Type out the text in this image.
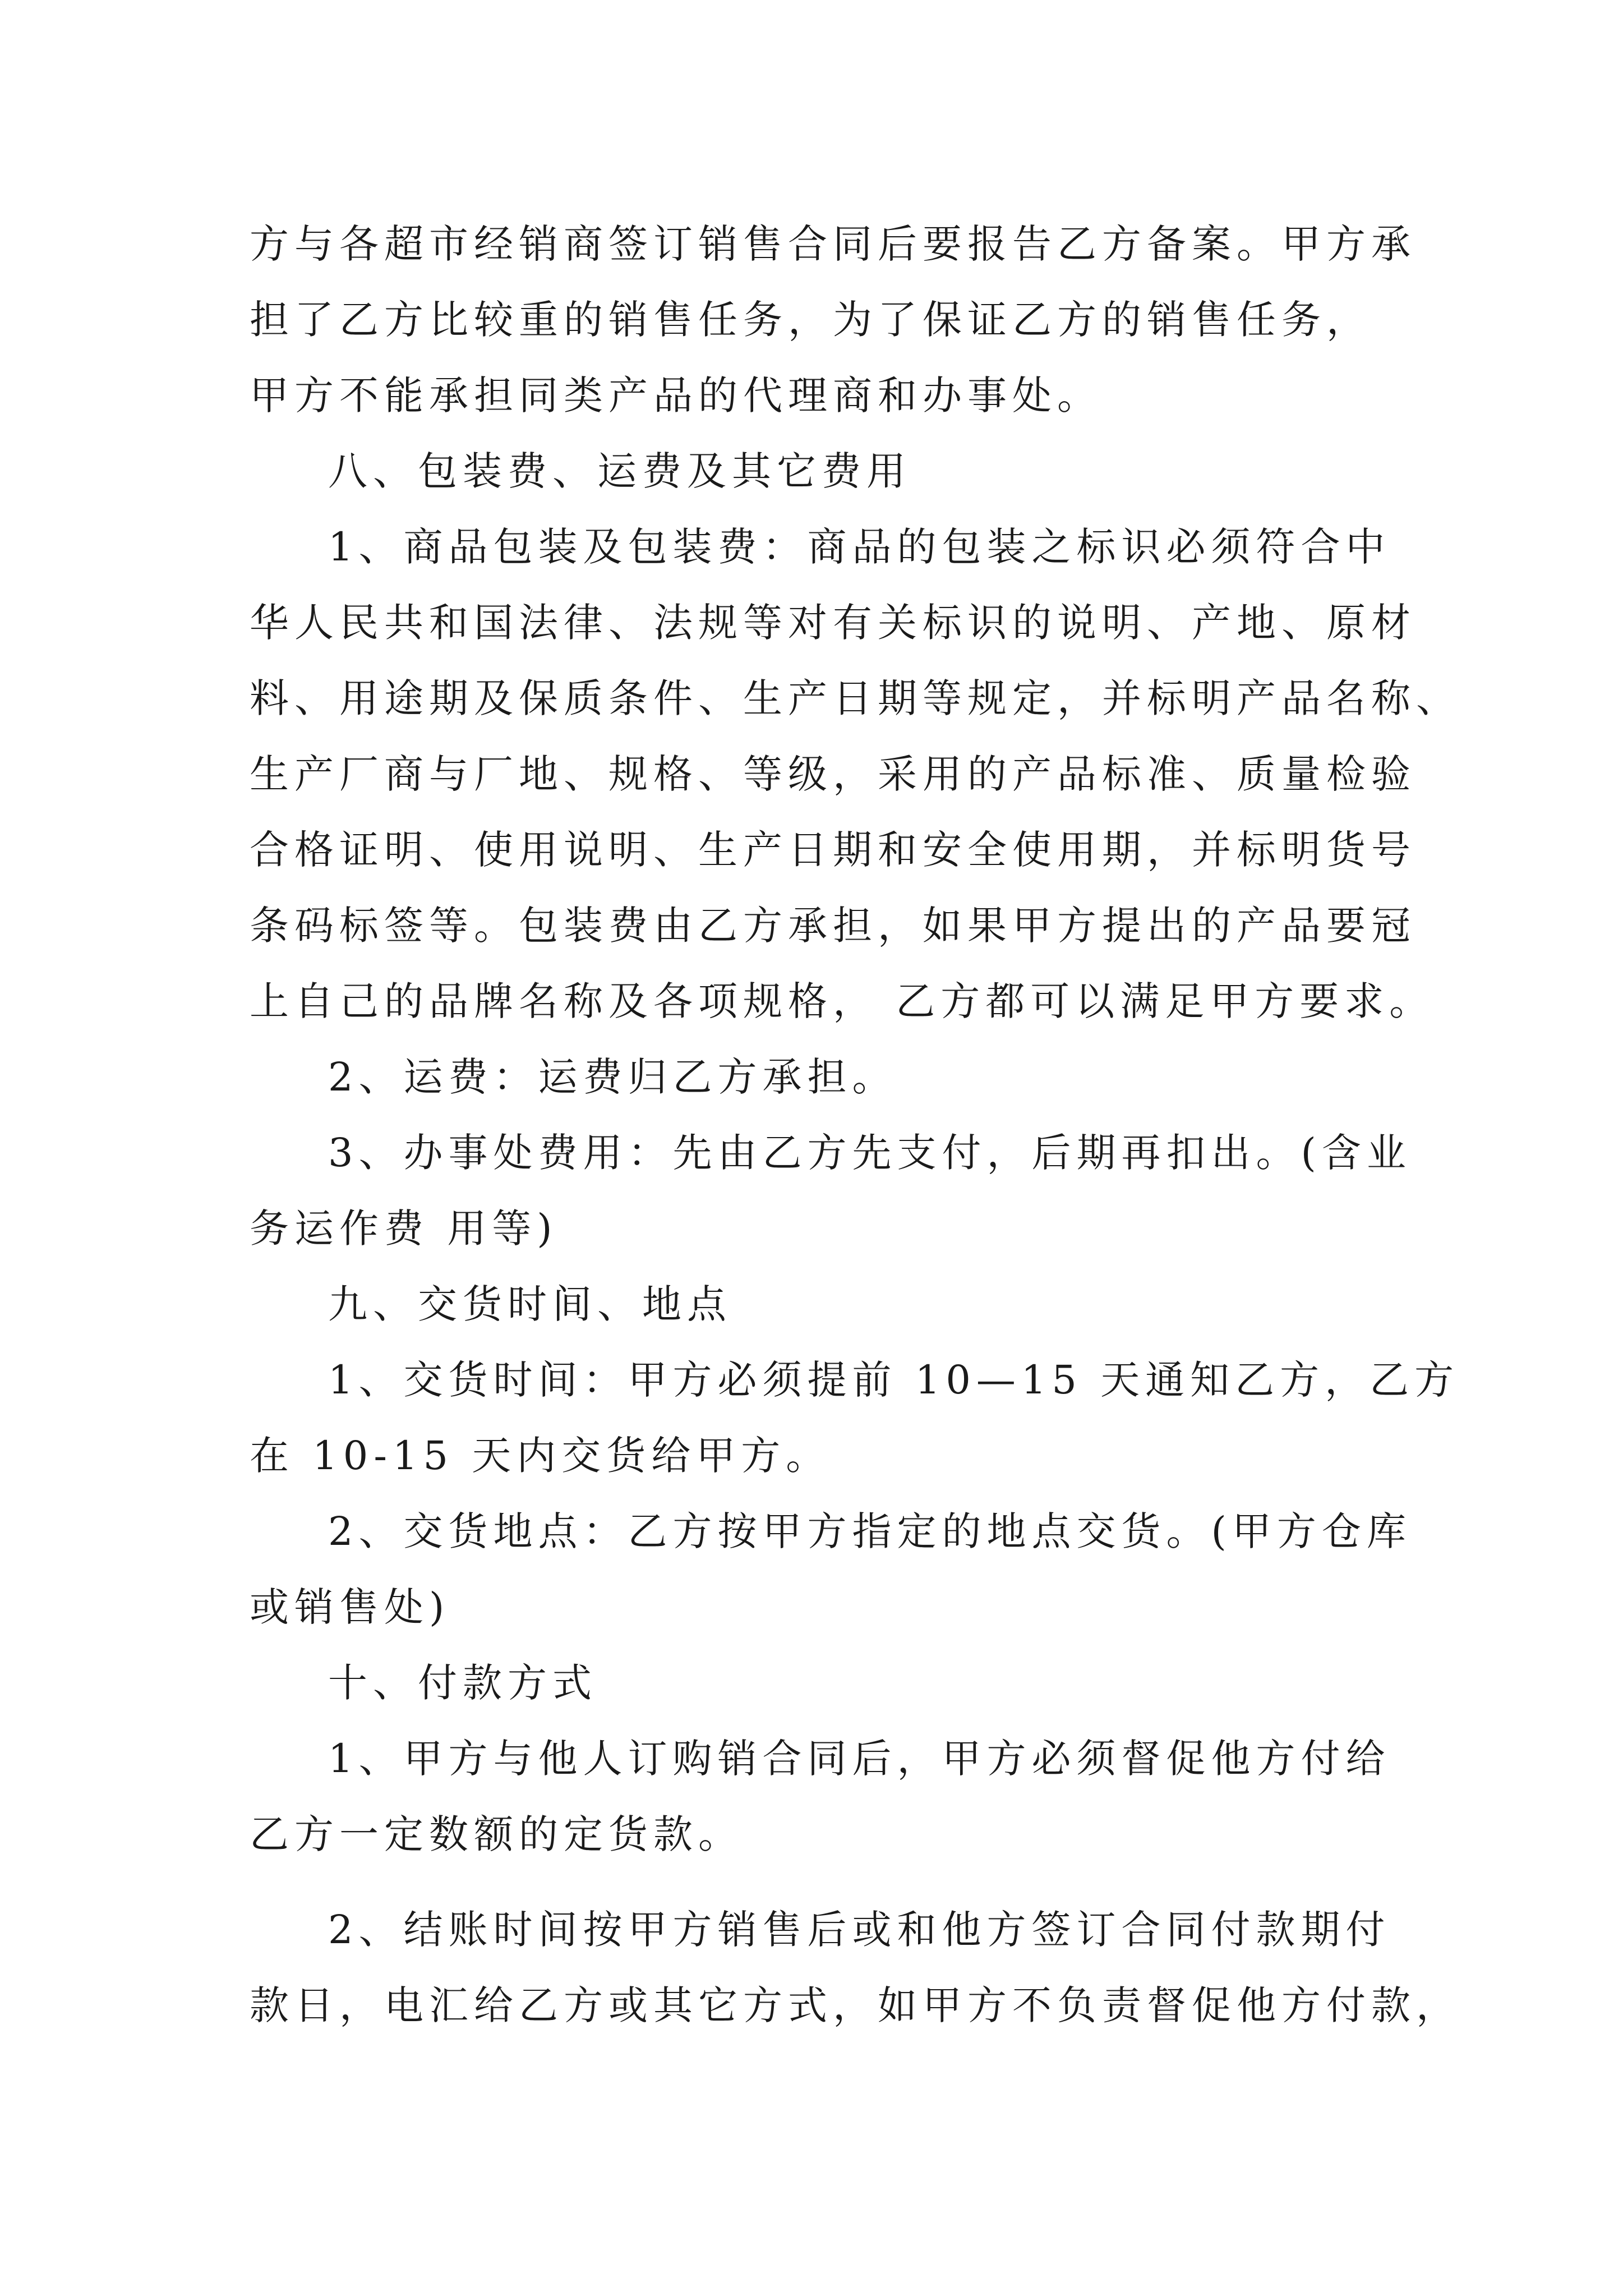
方与各超市经销商签订销售合同后要报告乙方备案。甲方承
担了乙方比较重的销售任务，为了保证乙方的销售任务，
甲方不能承担同类产品的代理商和办事处。
八、包装费、运费及其它费用
1、商品包装及包装费：商品的包装之标识必须符合中
华人民共和国法律、法规等对有关标识的说明、产地、原材
料、用途期及保质条件、生产日期等规定，并标明产品名称、
生产厂商与厂地、规格、等级，采用的产品标准、质量检验
合格证明、使用说明、生产日期和安全使用期，并标明货号
条码标签等。包装费由乙方承担，如果甲方提出的产品要冠
上自己的品牌名称及各项规格， 乙方都可以满足甲方要求。
2、运费：运费归乙方承担。
3、办事处费用：先由乙方先支付，后期再扣出。(含业
务运作费 用等)
九、交货时间、地点
1、交货时间：甲方必须提前 10—15 天通知乙方，乙方
在 10-15 天内交货给甲方。
2、交货地点：乙方按甲方指定的地点交货。(甲方仓库
或销售处)
十、付款方式
1、甲方与他人订购销合同后，甲方必须督促他方付给
乙方一定数额的定货款。
2、结账时间按甲方销售后或和他方签订合同付款期付
款日，电汇给乙方或其它方式，如甲方不负责督促他方付款，
